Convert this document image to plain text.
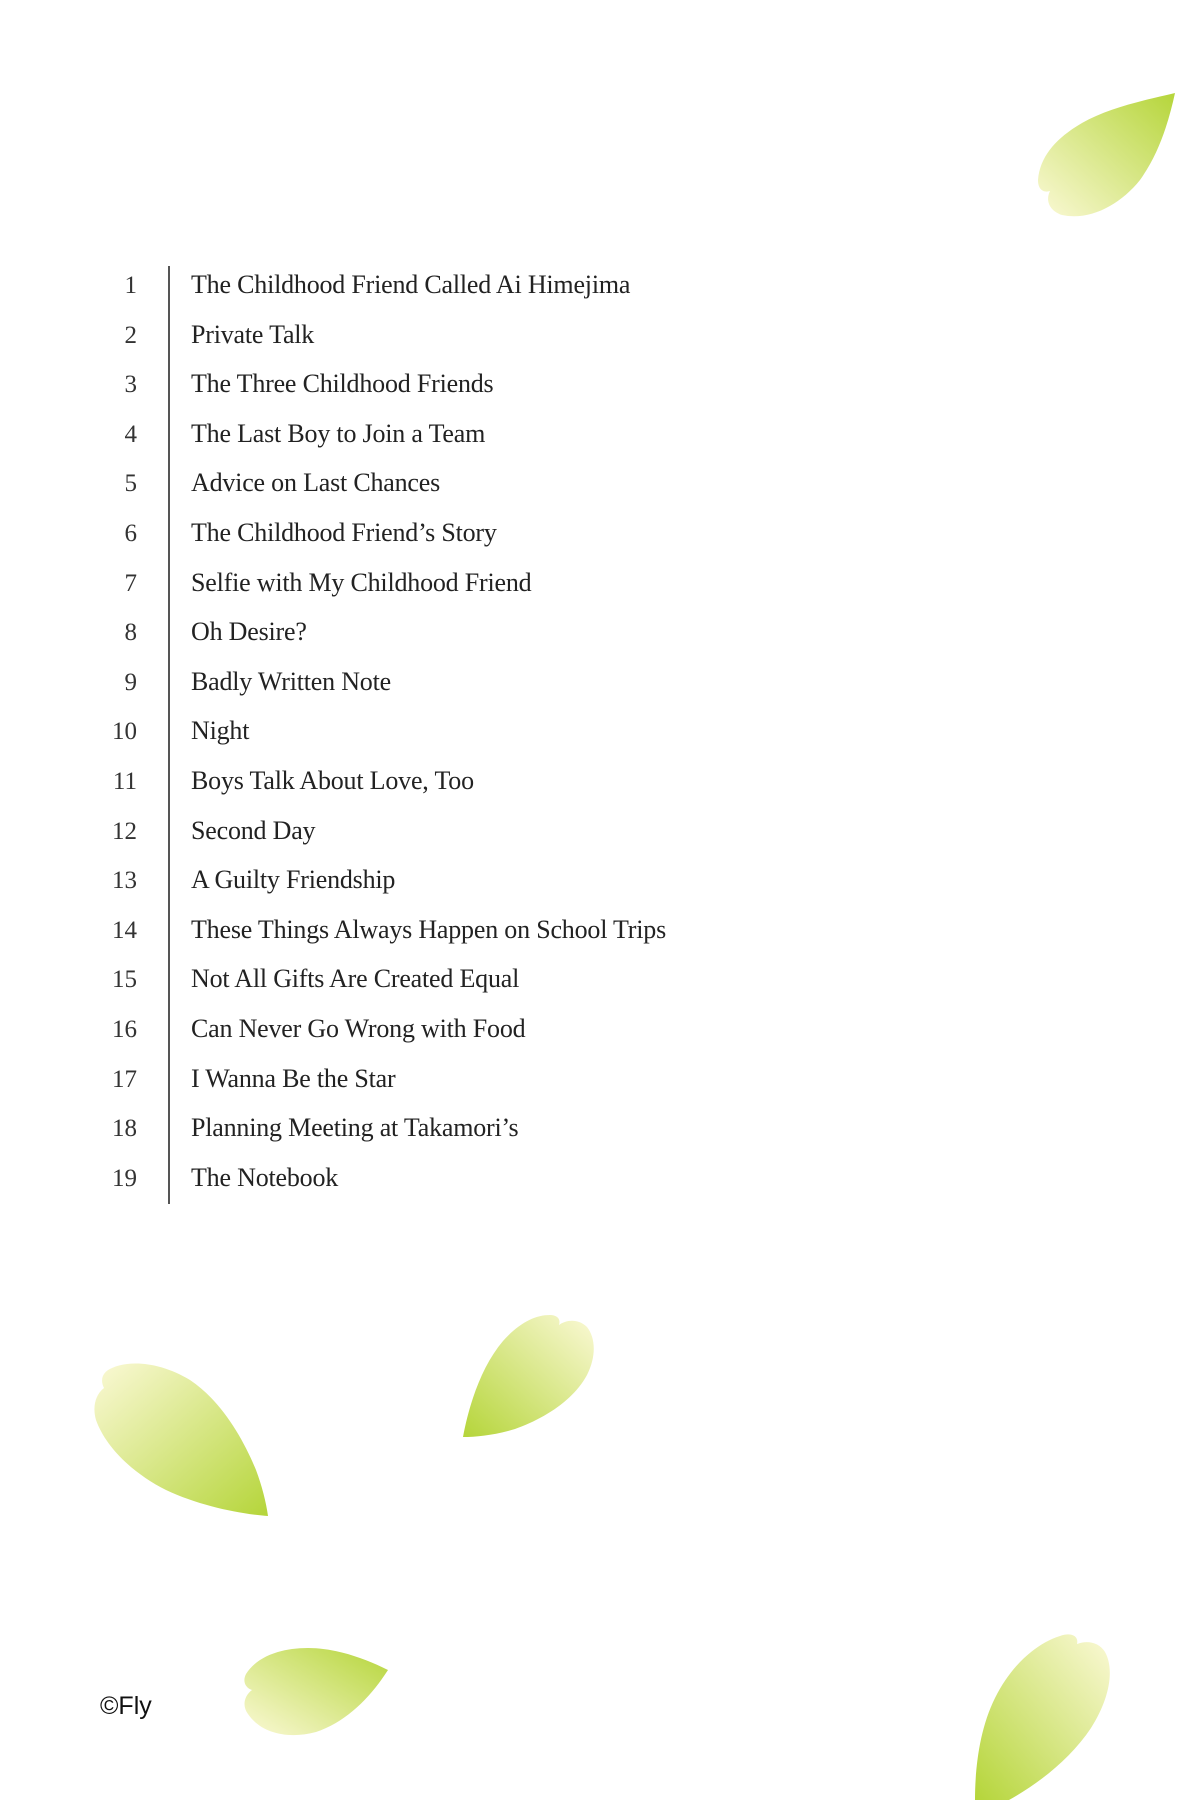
1 The Childhood Friend Called Ai Himejima
2 Private Talk
3 The Three Childhood Friends
4 The Last Boy to Join a Team
5 Advice on Last Chances
6 The Childhood Friend’s Story
7 Selfie with My Childhood Friend
8 Oh Desire?
9 Badly Written Note
10 Night
11 Boys Talk About Love, Too
12 Second Day
13 A Guilty Friendship
14 These Things Always Happen on School Trips
15 Not All Gifts Are Created Equal
16 Can Never Go Wrong with Food
17 I Wanna Be the Star
18 Planning Meeting at Takamori’s
19 The Notebook
©Fly
